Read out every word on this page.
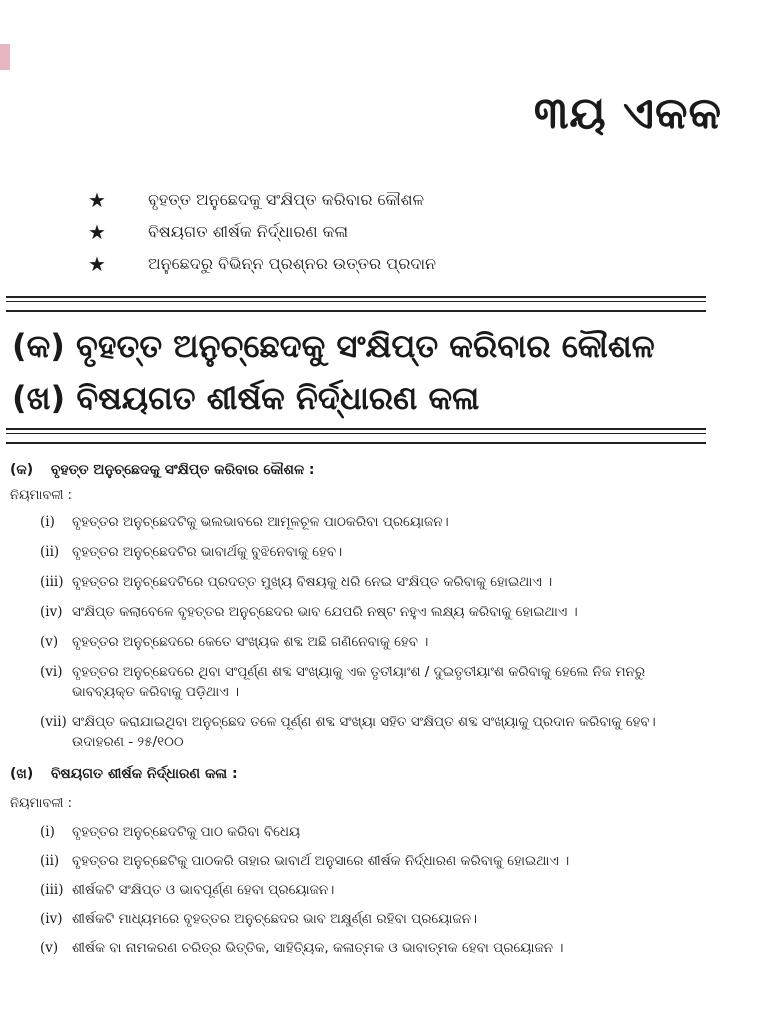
୩ୟ ଏକକ
★	ବୃହତ୍ତ ଅନୁଛେଦକୁ ସଂକ୍ଷିପ୍ତ କରିବାର କୌଶଳ
★	ବିଷୟଗତ ଶୀର୍ଷକ ନିର୍ଦ୍ଧାରଣ କଳା
★	ଅନୁଛେଦରୁ ବିଭିନ୍ନ ପ୍ରଶ୍ନର ଉତ୍ତର ପ୍ରଦାନ
(କ) ବୃହତ୍ତ ଅନୁଚ୍ଛେଦକୁ ସଂକ୍ଷିପ୍ତ କରିବାର କୌଶଳ
(ଖ) ବିଷୟଗତ ଶୀର୍ଷକ ନିର୍ଦ୍ଧାରଣ କଳା
(କ) ବୃହତ୍ତ ଅନୁଚ୍ଛେଦକୁ ସଂକ୍ଷିପ୍ତ କରିବାର କୌଶଳ :
ନିୟମାବଳୀ :
(i)	ବୃହତ୍ତର ଅନୁଚ୍ଛେଦଟିକୁ ଭଲଭାବରେ ଆମୂଳଚୂଳ ପାଠକରିବା ପ୍ରୟୋଜନ।
(ii) ବୃହତ୍ତର ଅନୁଚ୍ଛେଦଟିର ଭାବାର୍ଥକୁ ବୁଝିନେବାକୁ ହେବ।
(iii) ବୃହତ୍ତର ଅନୁଚ୍ଛେଦଟିରେ ପ୍ରଦତ୍ତ ମୁଖ୍ୟ ବିଷୟକୁ ଧରି ନେଇ ସଂକ୍ଷିପ୍ତ କରିବାକୁ ହୋଇଥାଏ ।
(iv) ସଂକ୍ଷିପ୍ତ କଲାବେଳେ ବୃହତ୍ତର ଅନୁଚ୍ଛେଦର ଭାବ ଯେପରି ନଷ୍ଟ ନହୁଏ ଲକ୍ଷ୍ୟ କରିବାକୁ ହୋଇଥାଏ ।
(v)	ବୃହତ୍ତର ଅନୁଚ୍ଛେଦରେ କେତେ ସଂଖ୍ୟକ ଶବ୍ଦ ଅଛି ଗଣିନେବାକୁ ହେବ ।
(vi) ବୃହତ୍ତର ଅନୁଚ୍ଛେଦରେ ଥିବା ସଂପୂର୍ଣ୍ଣ ଶବ୍ଦ ସଂଖ୍ୟାକୁ ଏକ ତୃତୀୟାଂଶ / ଦୁଇତୃତୀୟାଂଶ କରିବାକୁ ହେଲେ ନିଜ ମନରୁ
ଭାବବ୍ୟକ୍ତ କରିବାକୁ ପଡ଼ିଥାଏ ।
(vii) ସଂକ୍ଷିପ୍ତ କରାଯାଇଥିବା ଅନୁଚ୍ଛେଦ ତଳେ ପୂର୍ଣ୍ଣ ଶବ୍ଦ ସଂଖ୍ୟା ସହିତ ସଂକ୍ଷିପ୍ତ ଶବ୍ଦ ସଂଖ୍ୟାକୁ ପ୍ରଦାନ କରିବାକୁ ହେବ।
ଉଦାହରଣ - ୨୫/୧୦୦
(ଖ) ବିଷୟଗତ ଶୀର୍ଷକ ନିର୍ଦ୍ଧାରଣ କଳା :
ନିୟମାବଳୀ :
(i)	ବୃହତ୍ତର ଅନୁଚ୍ଛେଦଟିକୁ ପାଠ କରିବା ବିଧେୟ
(ii) ବୃହତ୍ତର ଅନୁଚ୍ଛେଟିକୁ ପାଠକରି ତାହାର ଭାବାର୍ଥ ଅନୁସାରେ ଶୀର୍ଷକ ନିର୍ଦ୍ଧାରଣ କରିବାକୁ ହୋଇଥାଏ ।
(iii) ଶୀର୍ଷକଟି ସଂକ୍ଷିପ୍ତ ଓ ଭାବପୂର୍ଣ୍ଣ ହେବା ପ୍ରୟୋଜନ।
(iv) ଶୀର୍ଷକଟି ମାଧ୍ୟମରେ ବୃହତ୍ତର ଅନୁଚ୍ଛେଦର ଭାବ ଅକ୍ଷୁର୍ଣ୍ଣ ରହିବା ପ୍ରୟୋଜନ।
(v)	ଶୀର୍ଷକ ବା ନାମକରଣ ଚରିତ୍ର ଭିତ୍ତିକ, ସାହିତ୍ୟିକ, କଳାତ୍ମକ ଓ ଭାବାତ୍ମକ ହେବା ପ୍ରୟୋଜନ ।
